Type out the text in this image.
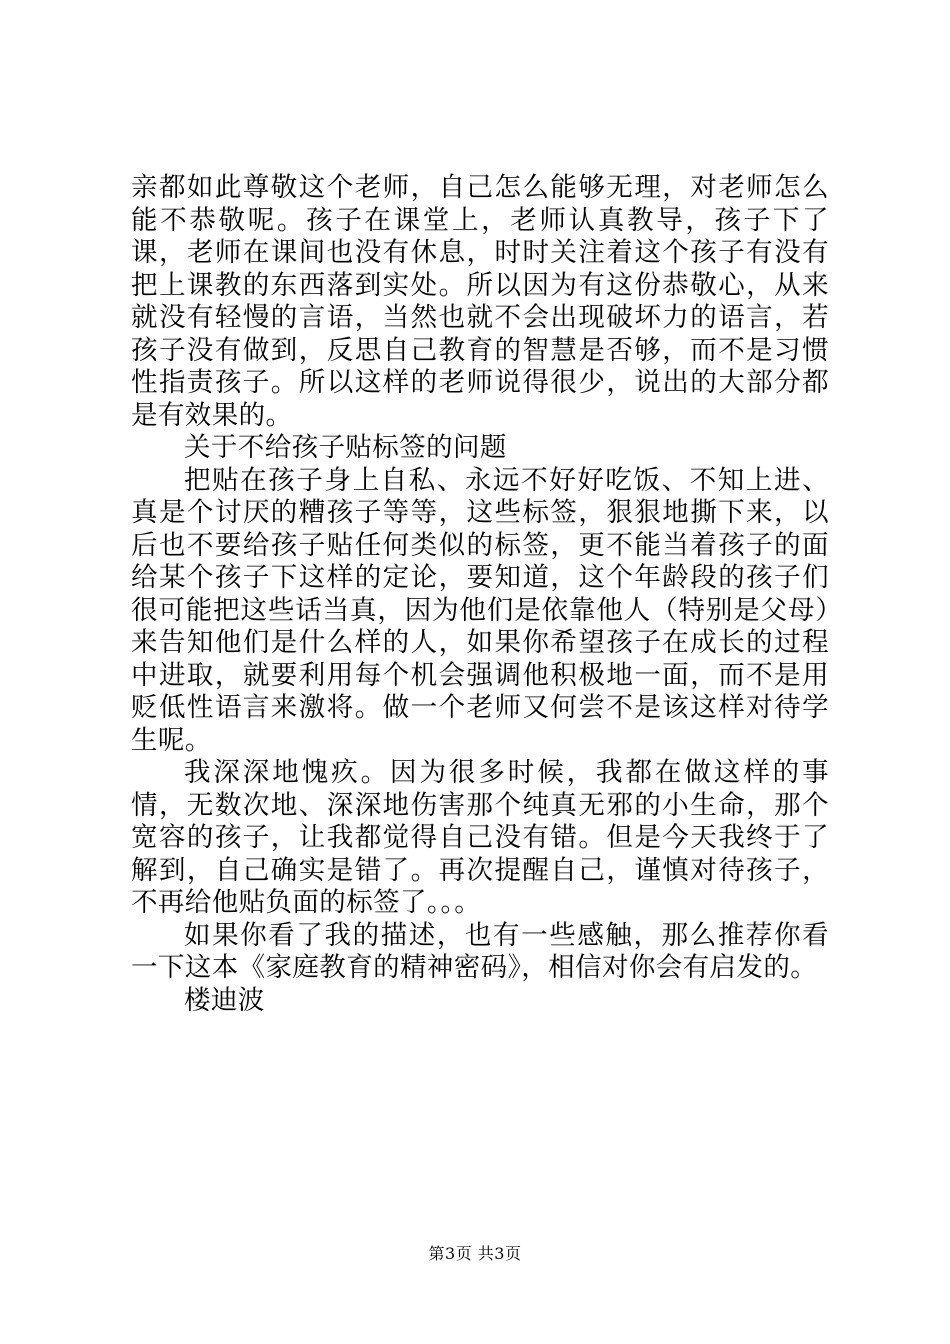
亲都如此尊敬这个老师，自己怎么能够无理，对老师怎么能不恭敬呢。孩子在课堂上，老师认真教导，孩子下了课，老师在课间也没有休息，时时关注着这个孩子有没有把上课教的东西落到实处。所以因为有这份恭敬心，从来就没有轻慢的言语，当然也就不会出现破坏力的语言，若孩子没有做到，反思自己教育的智慧是否够，而不是习惯性指责孩子。所以这样的老师说得很少，说出的大部分都是有效果的。

关于不给孩子贴标签的问题

把贴在孩子身上自私、永远不好好吃饭、不知上进、真是个讨厌的糟孩子等等，这些标签，狠狠地撕下来，以后也不要给孩子贴任何类似的标签，更不能当着孩子的面给某个孩子下这样的定论，要知道，这个年龄段的孩子们很可能把这些话当真，因为他们是依靠他人（特别是父母）来告知他们是什么样的人，如果你希望孩子在成长的过程中进取，就要利用每个机会强调他积极地一面，而不是用贬低性语言来激将。做一个老师又何尝不是该这样对待学生呢。

我深深地愧疚。因为很多时候，我都在做这样的事情，无数次地、深深地伤害那个纯真无邪的小生命，那个宽容的孩子，让我都觉得自己没有错。但是今天我终于了解到，自己确实是错了。再次提醒自己，谨慎对待孩子，不再给他贴负面的标签了。。。

如果你看了我的描述，也有一些感触，那么推荐你看一下这本《家庭教育的精神密码》，相信对你会有启发的。

楼迪波

第3页 共3页
